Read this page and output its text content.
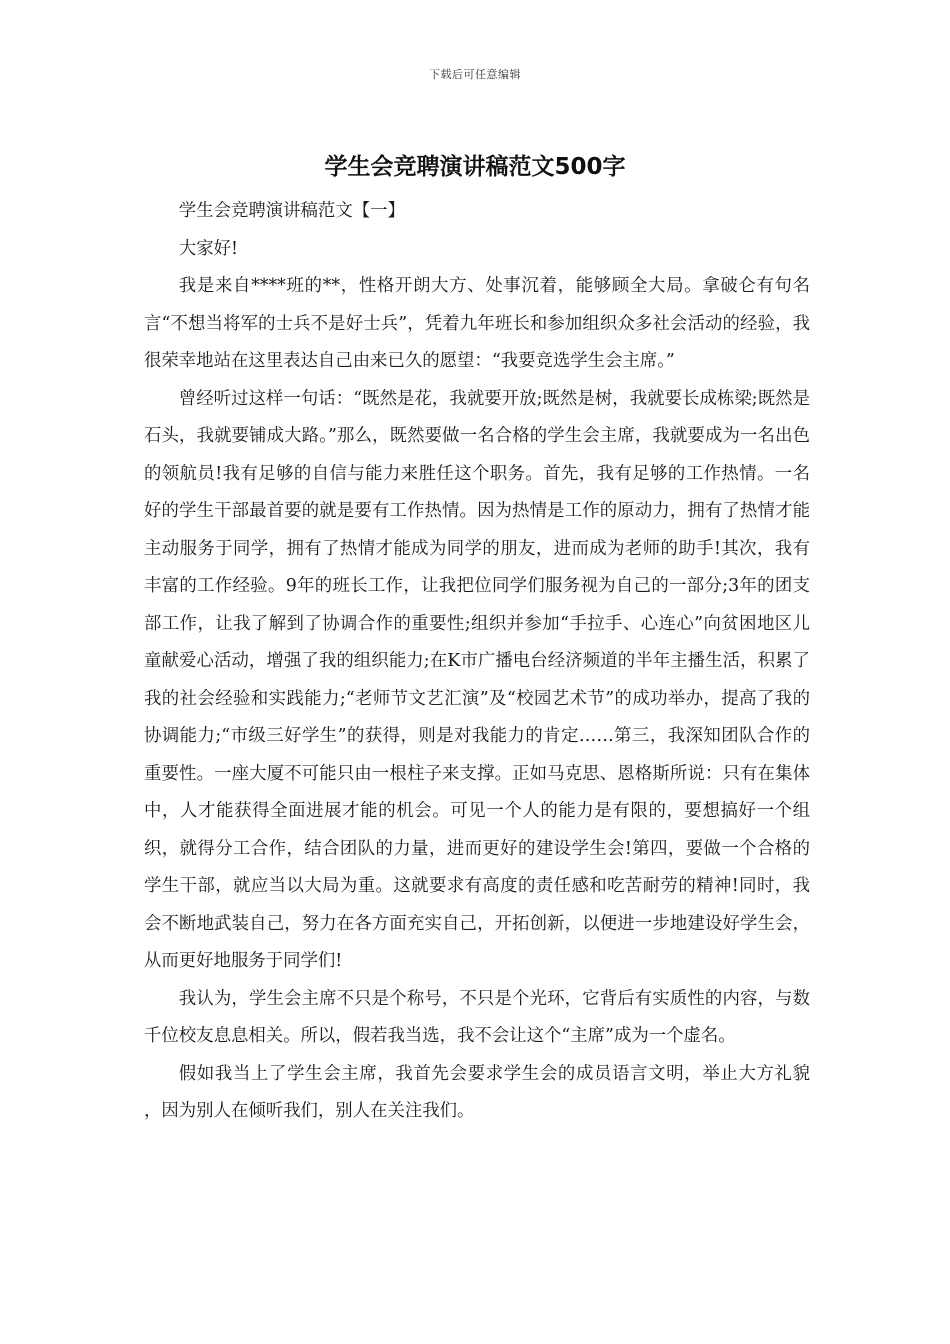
下载后可任意编辑
学生会竞聘演讲稿范文500字

学生会竞聘演讲稿范文【一】

大家好!

我是来自****班的**，性格开朗大方、处事沉着，能够顾全大局。拿破仑有句名言“不想当将军的士兵不是好士兵”，凭着九年班长和参加组织众多社会活动的经验，我很荣幸地站在这里表达自己由来已久的愿望：“我要竞选学生会主席。”

曾经听过这样一句话：“既然是花，我就要开放;既然是树，我就要长成栋梁;既然是石头，我就要铺成大路。”那么，既然要做一名合格的学生会主席，我就要成为一名出色的领航员!我有足够的自信与能力来胜任这个职务。首先，我有足够的工作热情。一名好的学生干部最首要的就是要有工作热情。因为热情是工作的原动力，拥有了热情才能主动服务于同学，拥有了热情才能成为同学的朋友，进而成为老师的助手!其次，我有丰富的工作经验。9年的班长工作，让我把位同学们服务视为自己的一部分;3年的团支部工作，让我了解到了协调合作的重要性;组织并参加“手拉手、心连心”向贫困地区儿童献爱心活动，增强了我的组织能力;在K市广播电台经济频道的半年主播生活，积累了我的社会经验和实践能力;“老师节文艺汇演”及“校园艺术节”的成功举办，提高了我的协调能力;“市级三好学生”的获得，则是对我能力的肯定……第三，我深知团队合作的重要性。一座大厦不可能只由一根柱子来支撑。正如马克思、恩格斯所说：只有在集体中，人才能获得全面进展才能的机会。可见一个人的能力是有限的，要想搞好一个组织，就得分工合作，结合团队的力量，进而更好的建设学生会!第四，要做一个合格的学生干部，就应当以大局为重。这就要求有高度的责任感和吃苦耐劳的精神!同时，我会不断地武装自己，努力在各方面充实自己，开拓创新，以便进一步地建设好学生会，从而更好地服务于同学们!

我认为，学生会主席不只是个称号，不只是个光环，它背后有实质性的内容，与数千位校友息息相关。所以，假若我当选，我不会让这个“主席”成为一个虚名。

假如我当上了学生会主席，我首先会要求学生会的成员语言文明，举止大方礼貌 ，因为别人在倾听我们，别人在关注我们。
